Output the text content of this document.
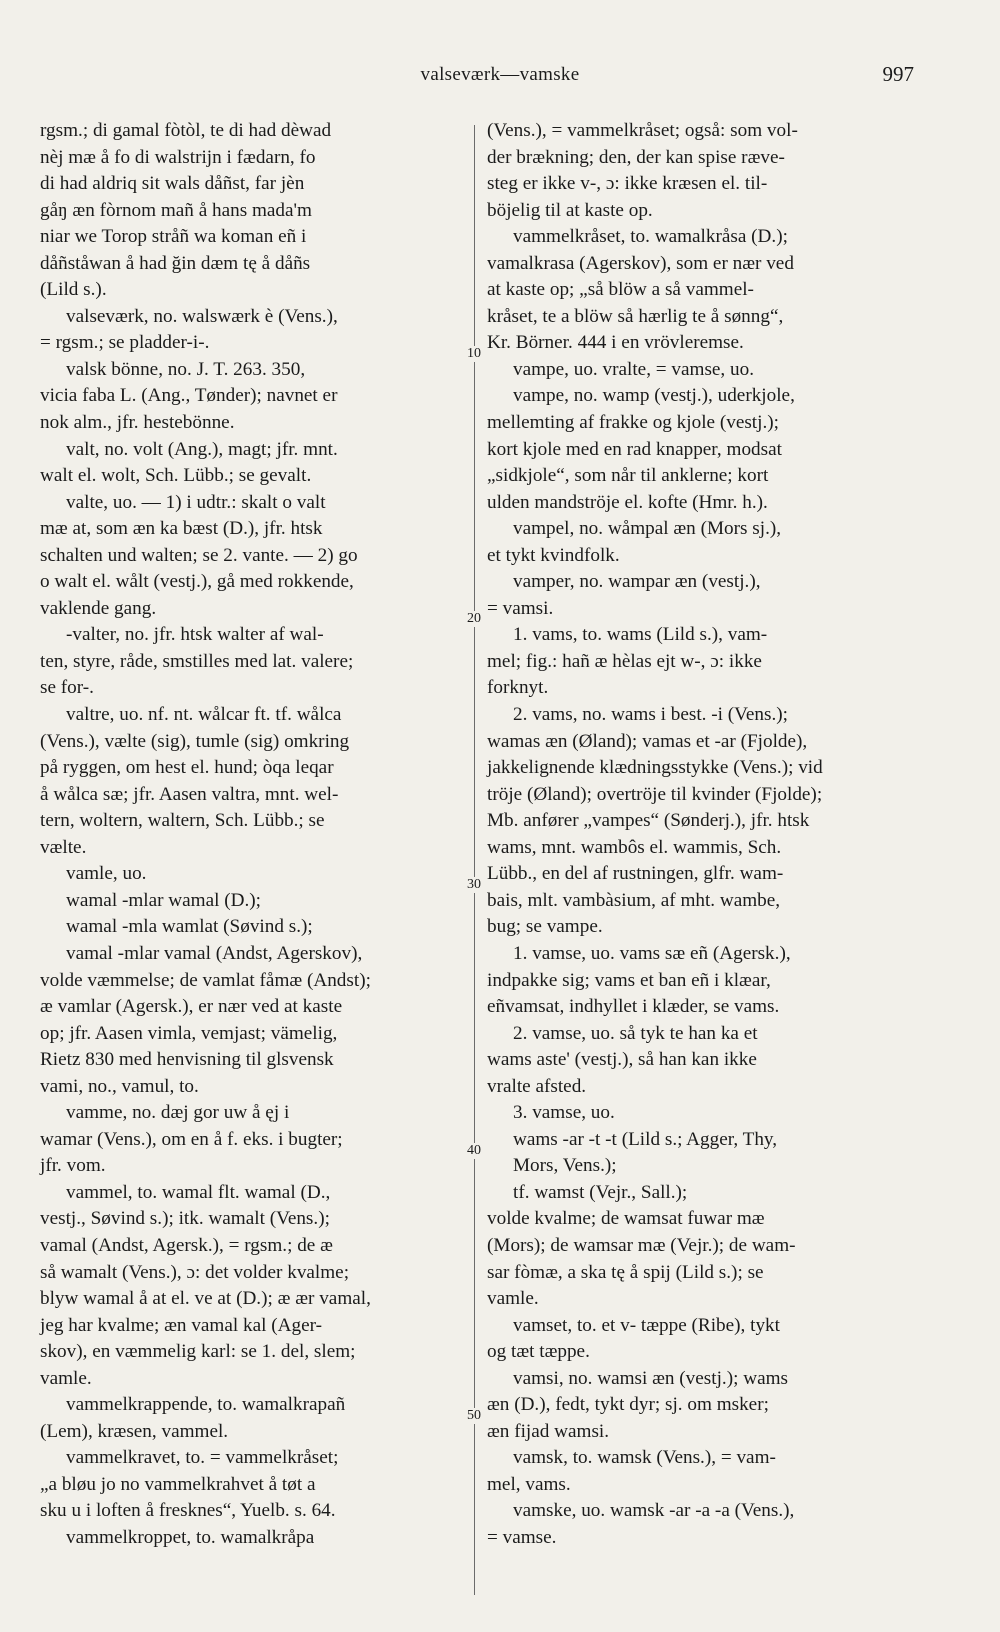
valseværk—vamske	997
rgsm.; di gamal fòtòl, te di had dèwad
nèj mæ å fo di walstrijn i fædarn, fo
di had aldriq sit wals dåñst, far jèn
gåŋ æn fòrnom mañ å hans mada'm
niar we Torop stråñ wa koman eñ i
dåñståwan å had ğin dæm tę å dåñs
(Lild s.).
valseværk, no. walswærk è (Vens.),
= rgsm.; se pladder-i-.
valsk bönne, no. J. T. 263. 350,
vicia faba L. (Ang., Tønder); navnet er
nok alm., jfr. hestebönne.
valt, no. volt (Ang.), magt; jfr. mnt.
walt el. wolt, Sch. Lübb.; se gevalt.
valte, uo. — 1) i udtr.: skalt o valt
mæ at, som æn ka bæst (D.), jfr. htsk
schalten und walten; se 2. vante. — 2) go
o walt el. wålt (vestj.), gå med rokkende,
vaklende gang.
-valter, no. jfr. htsk walter af wal-
ten, styre, råde, smstilles med lat. valere;
se for-.
valtre, uo. nf. nt. wålcar ft. tf. wålca
(Vens.), vælte (sig), tumle (sig) omkring
på ryggen, om hest el. hund; òqa leqar
å wålca sæ; jfr. Aasen valtra, mnt. wel-
tern, woltern, waltern, Sch. Lübb.; se
vælte.
vamle, uo.
wamal -mlar wamal (D.);
wamal -mla wamlat (Søvind s.);
vamal -mlar vamal (Andst, Agerskov),
volde væmmelse; de vamlat fåmæ (Andst);
æ vamlar (Agersk.), er nær ved at kaste
op; jfr. Aasen vimla, vemjast; vämelig,
Rietz 830 med henvisning til glsvensk
vami, no., vamul, to.
vamme, no. dæj gor uw å ęj i
wamar (Vens.), om en å f. eks. i bugter;
jfr. vom.
vammel, to. wamal flt. wamal (D.,
vestj., Søvind s.); itk. wamalt (Vens.);
vamal (Andst, Agersk.), = rgsm.; de æ
så wamalt (Vens.), ɔ: det volder kvalme;
blyw wamal å at el. ve at (D.); æ ær vamal,
jeg har kvalme; æn vamal kal (Ager-
skov), en væmmelig karl: se 1. del, slem;
vamle.
vammelkrappende, to. wamalkrapañ
(Lem), kræsen, vammel.
vammelkravet, to. = vammelkråset;
„a bløu jo no vammelkrahvet å tøt a
sku u i loften å fresknes“, Yuelb. s. 64.
vammelkroppet, to. wamalkråpa
(Vens.), = vammelkråset; også: som vol-
der brækning; den, der kan spise ræve-
steg er ikke v-, ɔ: ikke kræsen el. til-
böjelig til at kaste op.
vammelkråset, to. wamalkråsa (D.);
vamalkrasa (Agerskov), som er nær ved
at kaste op; „så blöw a så vammel-
kråset, te a blöw så hærlig te å sønng“,
Kr. Börner. 444 i en vrövleremse.
vampe, uo. vralte, = vamse, uo.
vampe, no. wamp (vestj.), uderkjole,
mellemting af frakke og kjole (vestj.);
kort kjole med en rad knapper, modsat
„sidkjole“, som når til anklerne; kort
ulden mandströje el. kofte (Hmr. h.).
vampel, no. wåmpal æn (Mors sj.),
et tykt kvindfolk.
vamper, no. wampar æn (vestj.),
= vamsi.
1. vams, to. wams (Lild s.), vam-
mel; fig.: hañ æ hèlas ejt w-, ɔ: ikke
forknyt.
2. vams, no. wams i best. -i (Vens.);
wamas æn (Øland); vamas et -ar (Fjolde),
jakkelignende klædningsstykke (Vens.); vid
tröje (Øland); overtröje til kvinder (Fjolde);
Mb. anfører „vampes“ (Sønderj.), jfr. htsk
wams, mnt. wambôs el. wammis, Sch.
Lübb., en del af rustningen, glfr. wam-
bais, mlt. vambàsium, af mht. wambe,
bug; se vampe.
1. vamse, uo. vams sæ eñ (Agersk.),
indpakke sig; vams et ban eñ i klæar,
eñvamsat, indhyllet i klæder, se vams.
2. vamse, uo. så tyk te han ka et
wams aste' (vestj.), så han kan ikke
vralte afsted.
3. vamse, uo.
wams -ar -t -t (Lild s.; Agger, Thy,
Mors, Vens.);
tf. wamst (Vejr., Sall.);
volde kvalme; de wamsat fuwar mæ
(Mors); de wamsar mæ (Vejr.); de wam-
sar fòmæ, a ska tę å spij (Lild s.); se
vamle.
vamset, to. et v- tæppe (Ribe), tykt
og tæt tæppe.
vamsi, no. wamsi æn (vestj.); wams
æn (D.), fedt, tykt dyr; sj. om msker;
æn fijad wamsi.
vamsk, to. wamsk (Vens.), = vam-
mel, vams.
vamske, uo. wamsk -ar -a -a (Vens.),
= vamse.
10
20
30
40
50
